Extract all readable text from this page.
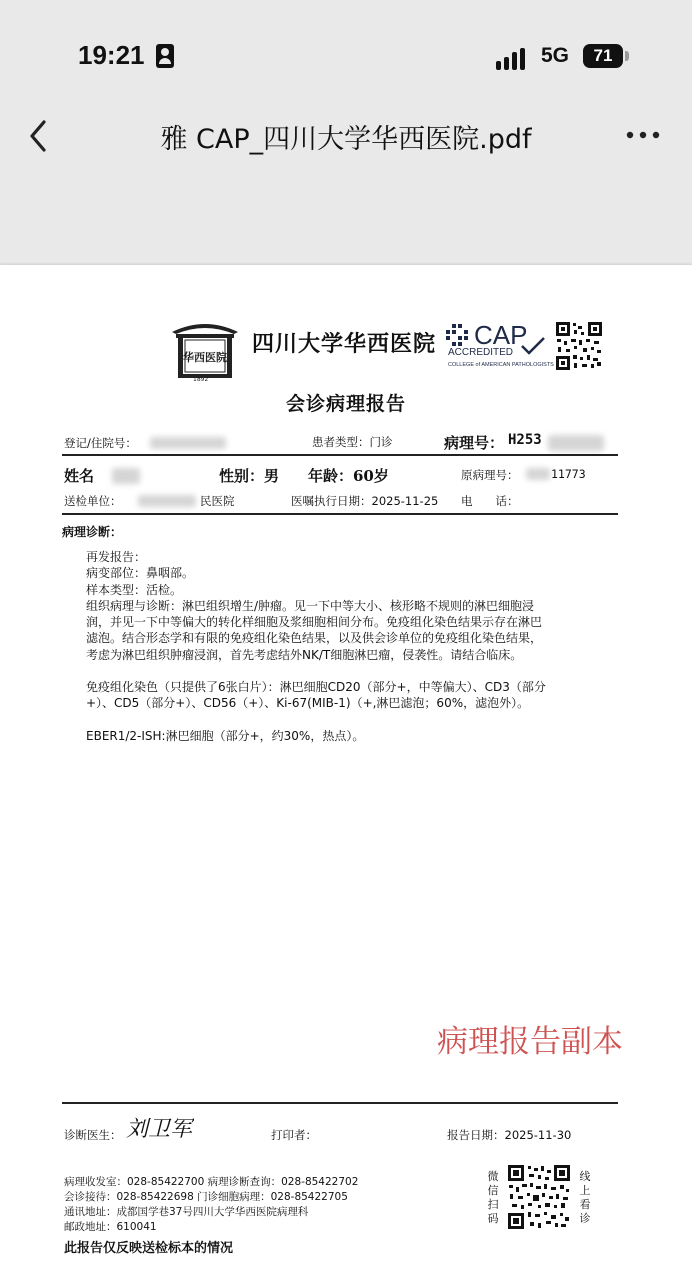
19:21	5G	71
雅 CAP_四川大学华西医院.pdf
华西医院
1892
四川大学华西医院 CAP
ACCREDITED
COLLEGE of AMERICAN PATHOLOGISTS
会诊病理报告
登记/住院号：	患者类型：门诊	病理号： H253
姓名	性别：男 年龄：60岁	原病理号：	11773
送检单位：	民医院	医嘱执行日期：2025-11-25 电　　话：
病理诊断：

再发报告：

病变部位：鼻咽部。

样本类型：活检。

组织病理与诊断：淋巴组织增生/肿瘤。见一下中等大小、核形略不规则的淋巴细胞浸

润，并见一下中等偏大的转化样细胞及浆细胞相间分布。免疫组化染色结果示存在淋巴

滤泡。结合形态学和有限的免疫组化染色结果，以及供会诊单位的免疫组化染色结果，

考虑为淋巴组织肿瘤浸润，首先考虑结外NK/T细胞淋巴瘤，侵袭性。请结合临床。

免疫组化染色（只提供了6张白片）：淋巴细胞CD20（部分+，中等偏大）、CD3（部分

+）、CD5（部分+）、CD56（+）、Ki-67(MIB-1)（+,淋巴滤泡；60%，滤泡外）。

EBER1/2-ISH:淋巴细胞（部分+，约30%，热点）。

病理报告副本
诊断医生： 刘卫军	打印者：	报告日期：2025-11-30

病理收发室：028-85422700 病理诊断查询：028-85422702

会诊接待：028-85422698 门诊细胞病理：028-85422705

通讯地址：成都国学巷37号四川大学华西医院病理科

邮政地址：610041

微信扫码
线上看诊
此报告仅反映送检标本的情况
